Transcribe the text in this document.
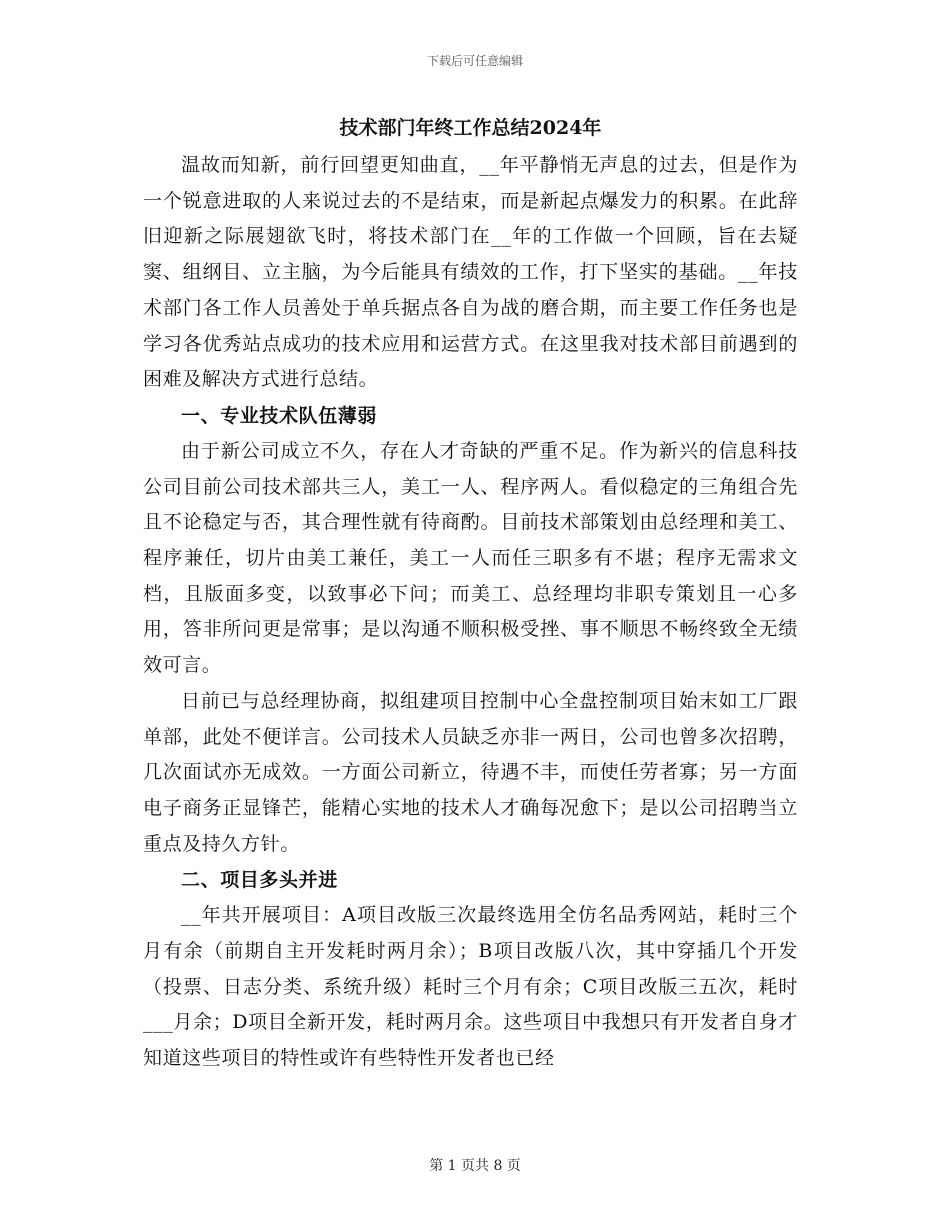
下载后可任意编辑
技术部门年终工作总结2024年

温故而知新，前行回望更知曲直，__年平静悄无声息的过去，但是作为一个锐意进取的人来说过去的不是结束，而是新起点爆发力的积累。在此辞旧迎新之际展翅欲飞时，将技术部门在__年的工作做一个回顾，旨在去疑窦、组纲目、立主脑，为今后能具有绩效的工作，打下坚实的基础。__年技术部门各工作人员善处于单兵据点各自为战的磨合期，而主要工作任务也是学习各优秀站点成功的技术应用和运营方式。在这里我对技术部目前遇到的困难及解决方式进行总结。

一、专业技术队伍薄弱

由于新公司成立不久，存在人才奇缺的严重不足。作为新兴的信息科技公司目前公司技术部共三人，美工一人、程序两人。看似稳定的三角组合先且不论稳定与否，其合理性就有待商酌。目前技术部策划由总经理和美工、程序兼任，切片由美工兼任，美工一人而任三职多有不堪；程序无需求文档，且版面多变，以致事必下问；而美工、总经理均非职专策划且一心多用，答非所问更是常事；是以沟通不顺积极受挫、事不顺思不畅终致全无绩效可言。

日前已与总经理协商，拟组建项目控制中心全盘控制项目始末如工厂跟单部，此处不便详言。公司技术人员缺乏亦非一两日，公司也曾多次招聘，几次面试亦无成效。一方面公司新立，待遇不丰，而使任劳者寡；另一方面电子商务正显锋芒，能精心实地的技术人才确每况愈下；是以公司招聘当立重点及持久方针。

二、项目多头并进

__年共开展项目：A项目改版三次最终选用全仿名品秀网站，耗时三个月有余（前期自主开发耗时两月余）；B项目改版八次，其中穿插几个开发（投票、日志分类、系统升级）耗时三个月有余；C项目改版三五次，耗时___月余；D项目全新开发，耗时两月余。这些项目中我想只有开发者自身才知道这些项目的特性或许有些特性开发者也已经

第 1 页共 8 页
